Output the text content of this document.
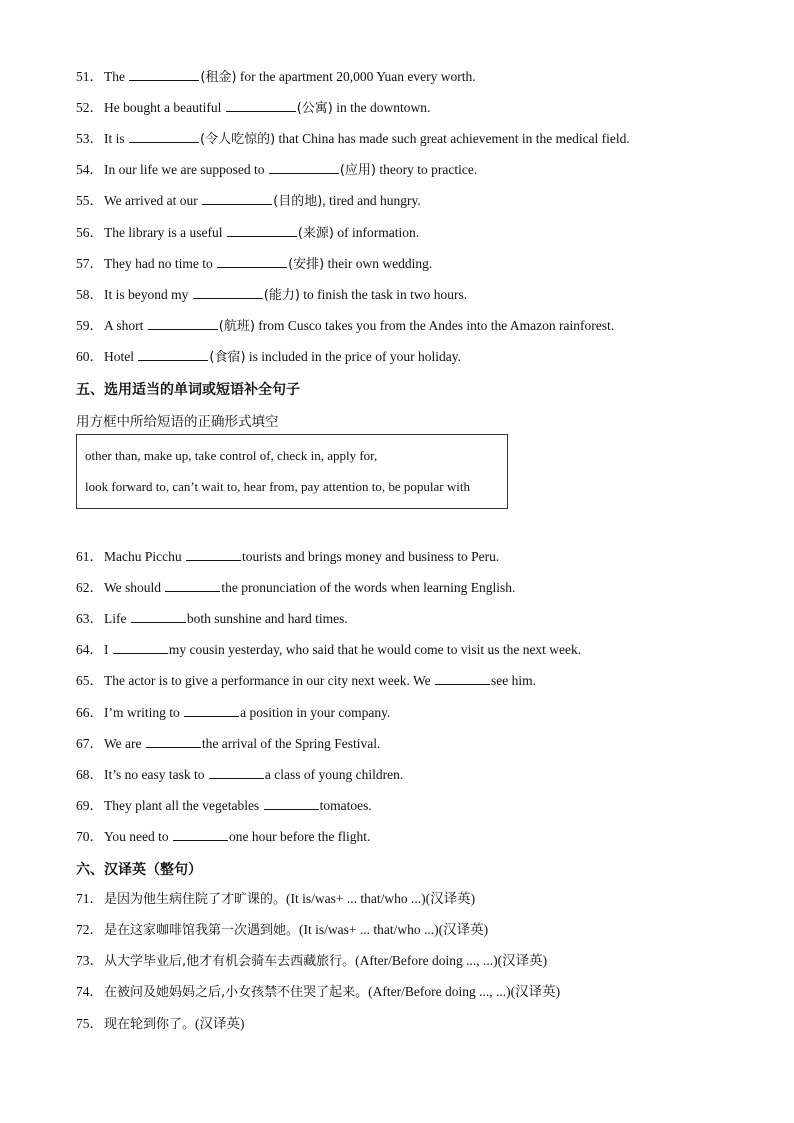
51．The	(租金) for the apartment 20,000 Yuan every worth.
52．He bought a beautiful	(公寓) in the downtown.
53．It is	(令人吃惊的) that China has made such great achievement in the medical field.
54．In our life we are supposed to	(应用) theory to practice.
55．We arrived at our	(目的地), tired and hungry.
56．The library is a useful	(来源) of information.
57．They had no time to	(安排) their own wedding.
58．It is beyond my	(能力) to finish the task in two hours.
59．A short	(航班) from Cusco takes you from the Andes into the Amazon rainforest.
60．Hotel	(食宿) is included in the price of your holiday.
五、选用适当的单词或短语补全句子
用方框中所给短语的正确形式填空
other than, make up, take control of, check in, apply for,
look forward to, can’t wait to, hear from, pay attention to, be popular with
61．Machu Picchu	tourists and brings money and business to Peru.
62．We should	the pronunciation of the words when learning English.
63．Life	both sunshine and hard times.
64．I	my cousin yesterday, who said that he would come to visit us the next week.
65．The actor is to give a performance in our city next week. We	see him.
66．I’m writing to	a position in your company.
67．We are	the arrival of the Spring Festival.
68．It’s no easy task to	a class of young children.
69．They plant all the vegetables	tomatoes.
70．You need to	one hour before the flight.
六、汉译英（整句）
71．是因为他生病住院了才旷课的。(It is/was+ ... that/who ...)(汉译英)
72．是在这家咖啡馆我第一次遇到她。(It is/was+ ... that/who ...)(汉译英)
73．从大学毕业后,他才有机会骑车去西藏旅行。(After/Before doing ..., ...)(汉译英)
74．在被问及她妈妈之后,小女孩禁不住哭了起来。(After/Before doing ..., ...)(汉译英)
75．现在轮到你了。(汉译英)
